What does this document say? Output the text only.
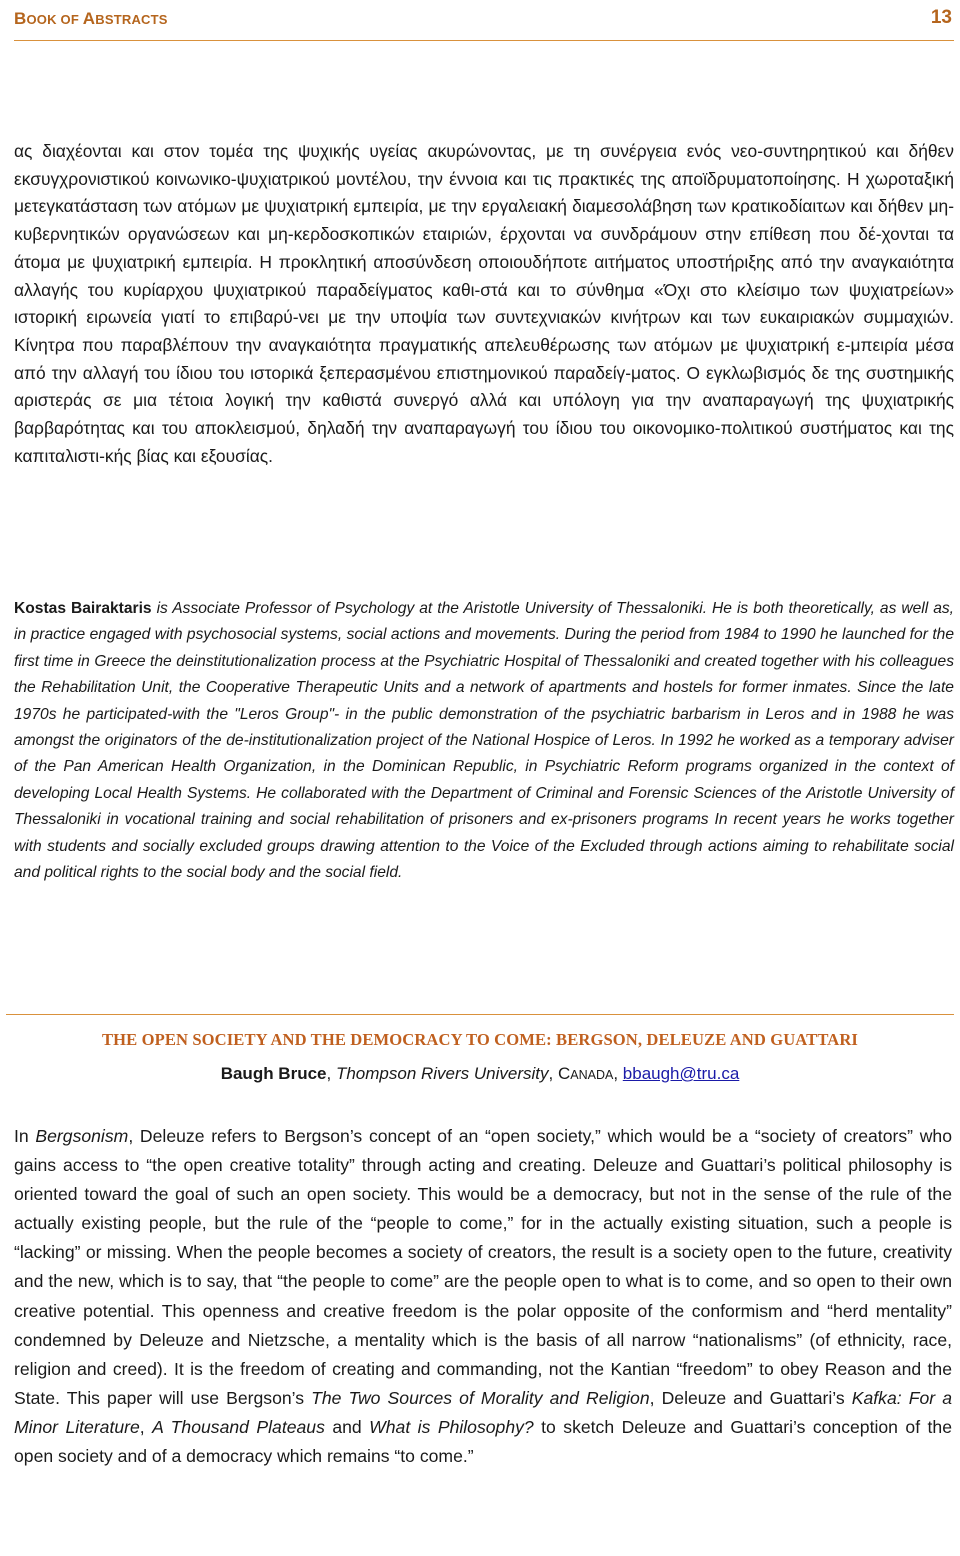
BOOK OF ABSTRACTS	13

ας διαχέονται και στον τομέα της ψυχικής υγείας ακυρώνοντας, με τη συνέργεια ενός νεο-συντηρητικού και δήθεν εκσυγχρονιστικού κοινωνικο-ψυχιατρικού μοντέλου, την έννοια και τις πρακτικές της αποϊδρυματοποίησης. Η χωροταξική μετεγκατάσταση των ατόμων με ψυχιατρική εμπειρία, με την εργαλειακή διαμεσολάβηση των κρατικοδίαιτων και δήθεν μη-κυβερνητικών οργανώσεων και μη-κερδοσκοπικών εταιριών, έρχονται να συνδράμουν στην επίθεση που δέ-χονται τα άτομα με ψυχιατρική εμπειρία. Η προκλητική αποσύνδεση οποιουδήποτε αιτήματος υποστήριξης από την αναγκαιότητα αλλαγής του κυρίαρχου ψυχιατρικού παραδείγματος καθι-στά και το σύνθημα «Όχι στο κλείσιμο των ψυχιατρείων» ιστορική ειρωνεία γιατί το επιβαρύ-νει με την υποψία των συντεχνιακών κινήτρων και των ευκαιριακών συμμαχιών. Κίνητρα που παραβλέπουν την αναγκαιότητα πραγματικής απελευθέρωσης των ατόμων με ψυχιατρική ε-μπειρία μέσα από την αλλαγή του ίδιου του ιστορικά ξεπερασμένου επιστημονικού παραδείγ-ματος. Ο εγκλωβισμός δε της συστημικής αριστεράς σε μια τέτοια λογική την καθιστά συνεργό αλλά και υπόλογη για την αναπαραγωγή της ψυχιατρικής βαρβαρότητας και του αποκλεισμού, δηλαδή την αναπαραγωγή του ίδιου του οικονομικο-πολιτικού συστήματος και της καπιταλιστι-κής βίας και εξουσίας.

Kostas Bairaktaris is Associate Professor of Psychology at the Aristotle University of Thessaloniki. He is both theoretically, as well as, in practice engaged with psychosocial systems, social actions and movements. During the period from 1984 to 1990 he launched for the first time in Greece the deinstitutionalization process at the Psychiatric Hospital of Thessaloniki and created together with his colleagues the Rehabilitation Unit, the Cooperative Therapeutic Units and a network of apartments and hostels for former inmates. Since the late 1970s he participated-with the "Leros Group"- in the public demonstration of the psychiatric barbarism in Leros and in 1988 he was amongst the originators of the de-institutionalization project of the National Hospice of Leros. In 1992 he worked as a temporary adviser of the Pan American Health Organization, in the Dominican Republic, in Psychiatric Reform programs organized in the context of developing Local Health Systems. He collaborated with the Department of Criminal and Forensic Sciences of the Aristotle University of Thessaloniki in vocational training and social rehabilitation of prisoners and ex-prisoners programs In recent years he works together with students and socially excluded groups drawing attention to the Voice of the Excluded through actions aiming to rehabilitate social and political rights to the social body and the social field.

THE OPEN SOCIETY AND THE DEMOCRACY TO COME: BERGSON, DELEUZE AND GUATTARI

Baugh Bruce, Thompson Rivers University, CANADA, bbaugh@tru.ca

In Bergsonism, Deleuze refers to Bergson’s concept of an “open society,” which would be a “society of creators” who gains access to “the open creative totality” through acting and creating. Deleuze and Guattari’s political philosophy is oriented toward the goal of such an open society. This would be a democracy, but not in the sense of the rule of the actually existing people, but the rule of the “people to come,” for in the actually existing situation, such a people is “lacking” or missing. When the people becomes a society of creators, the result is a society open to the future, creativity and the new, which is to say, that “the people to come” are the people open to what is to come, and so open to their own creative potential. This openness and creative freedom is the polar opposite of the conformism and “herd mentality” condemned by Deleuze and Nietzsche, a mentality which is the basis of all narrow “nationalisms” (of ethnicity, race, religion and creed). It is the freedom of creating and commanding, not the Kantian “freedom” to obey Reason and the State. This paper will use Bergson’s The Two Sources of Morality and Religion, Deleuze and Guattari’s Kafka: For a Minor Literature, A Thousand Plateaus and What is Philosophy? to sketch Deleuze and Guattari’s conception of the open society and of a democracy which remains “to come.”
